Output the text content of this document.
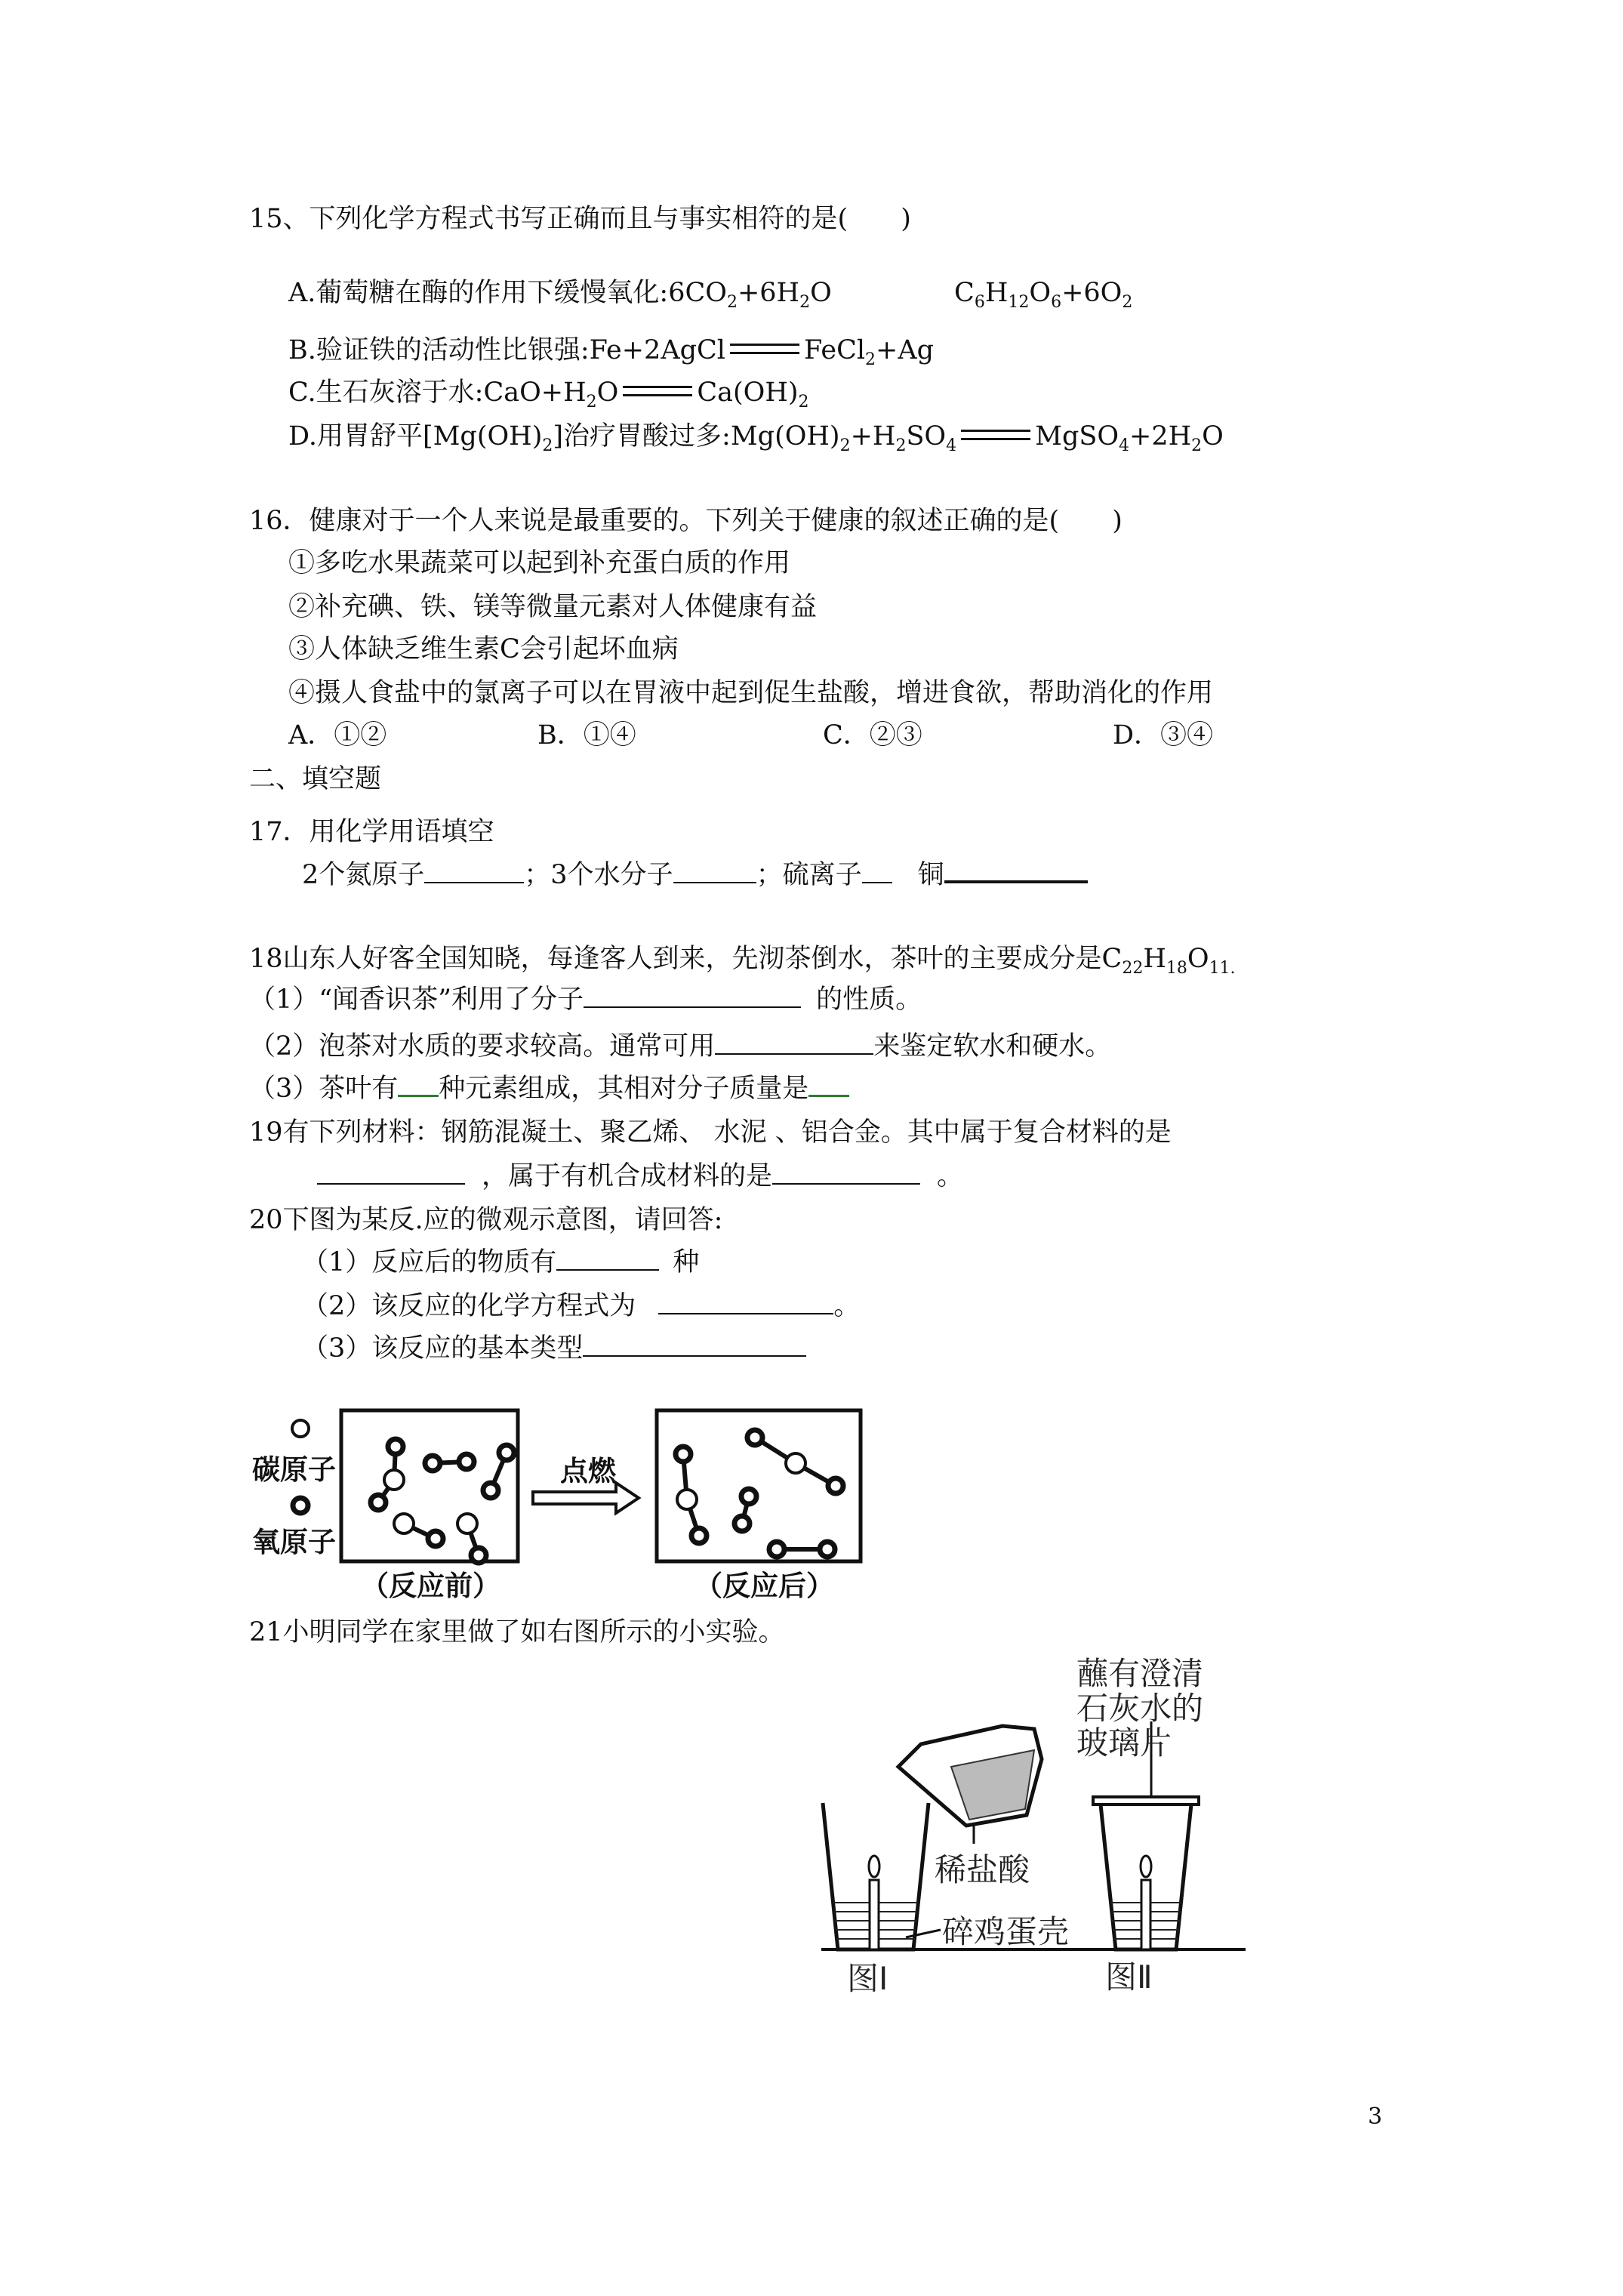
15、下列化学方程式书写正确而且与事实相符的是(　　)
A.葡萄糖在酶的作用下缓慢氧化$:6CO_2+6H_2O$	$C_6H_{12}O_6+6O_2$
B.验证铁的活动性比银强:Fe+2AgCl	FeCl$_2$+Ag
C.生石灰溶于水$:CaO+H_2O$	$Ca(OH)_2$
D.用胃舒平$[Mg(OH)_2]$治疗胃酸过多$:Mg(OH)_2+H_2SO_4$	$MgSO_4+2H_2O$
16．健康对于一个人来说是最重要的。下列关于健康的叙述正确的是(　　)
①多吃水果蔬菜可以起到补充蛋白质的作用
②补充碘、铁、镁等微量元素对人体健康有益
③人体缺乏维生素C会引起坏血病
④摄人食盐中的氯离子可以在胃液中起到促生盐酸，增进食欲，帮助消化的作用
A．①②	B．①④	C．②③	D．③④
二、填空题
17．用化学用语填空
2个氮原子	；3个水分子	；硫离子 铜
18山东人好客全国知晓，每逢客人到来，先沏茶倒水，茶叶的主要成分是$C_{22}H_{18}O_{11.}$
（1）“闻香识茶”利用了分子	的性质。
（2）泡茶对水质的要求较高。通常可用	来鉴定软水和硬水。
（3）茶叶有 种元素组成，其相对分子质量是
19有下列材料：钢筋混凝土、聚乙烯、 水泥 、铝合金。其中属于复合材料的是
，属于有机合成材料的是	。
20下图为某反.应的微观示意图，请回答:
（1）反应后的物质有	种
（2）该反应的化学方程式为	。
（3）该反应的基本类型
碳原子
氧原子
点燃
（反应前）	（反应后）
21小明同学在家里做了如右图所示的小实验。
蘸有澄清
石灰水的
玻璃片
稀盐酸
碎鸡蛋壳
图Ⅰ	图Ⅱ
3
